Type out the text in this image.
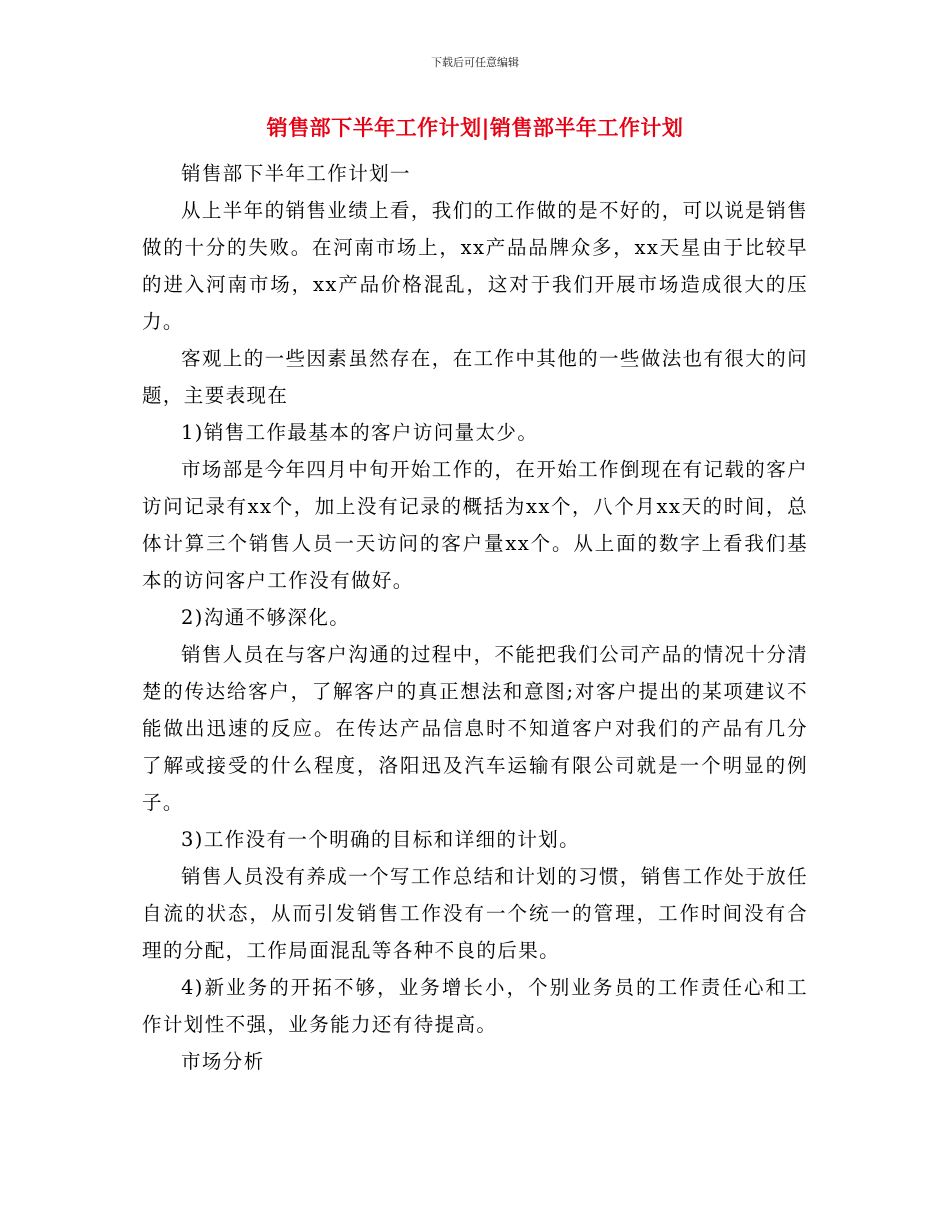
下载后可任意编辑
销售部下半年工作计划|销售部半年工作计划

销售部下半年工作计划一

从上半年的销售业绩上看，我们的工作做的是不好的，可以说是销售做的十分的失败。在河南市场上，xx产品品牌众多，xx天星由于比较早的进入河南市场，xx产品价格混乱，这对于我们开展市场造成很大的压力。

客观上的一些因素虽然存在，在工作中其他的一些做法也有很大的问题，主要表现在

1)销售工作最基本的客户访问量太少。

市场部是今年四月中旬开始工作的，在开始工作倒现在有记载的客户访问记录有xx个，加上没有记录的概括为xx个，八个月xx天的时间，总体计算三个销售人员一天访问的客户量xx个。从上面的数字上看我们基本的访问客户工作没有做好。

2)沟通不够深化。

销售人员在与客户沟通的过程中，不能把我们公司产品的情况十分清楚的传达给客户，了解客户的真正想法和意图;对客户提出的某项建议不能做出迅速的反应。在传达产品信息时不知道客户对我们的产品有几分了解或接受的什么程度，洛阳迅及汽车运输有限公司就是一个明显的例子。

3)工作没有一个明确的目标和详细的计划。

销售人员没有养成一个写工作总结和计划的习惯，销售工作处于放任自流的状态，从而引发销售工作没有一个统一的管理，工作时间没有合理的分配，工作局面混乱等各种不良的后果。

4)新业务的开拓不够，业务增长小，个别业务员的工作责任心和工作计划性不强，业务能力还有待提高。

市场分析
